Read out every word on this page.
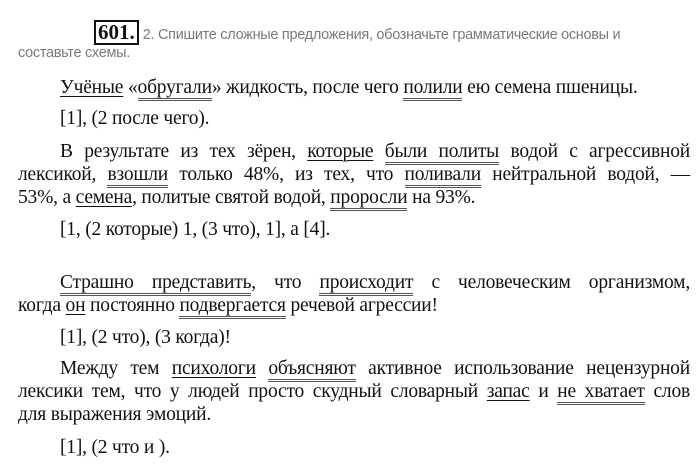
601. 2. Спишите сложные предложения, обозначьте грамматические основы и
составьте схемы.
Учёные «обругали» жидкость, после чего полили ею семена пшеницы.
[1], (2 после чего).
В результате из тех зёрен, которые были политы водой с агрессивной
лексикой, взошли только 48%, из тех, что поливали нейтральной водой, —
53%, а семена, политые святой водой, проросли на 93%.
[1, (2 которые) 1, (3 что), 1], а [4].
Страшно представить, что происходит с человеческим организмом,
когда он постоянно подвергается речевой агрессии!
[1], (2 что), (3 когда)!
Между тем психологи объясняют активное использование нецензурной
лексики тем, что у людей просто скудный словарный запас и не хватает слов
для выражения эмоций.
[1], (2 что и ).
